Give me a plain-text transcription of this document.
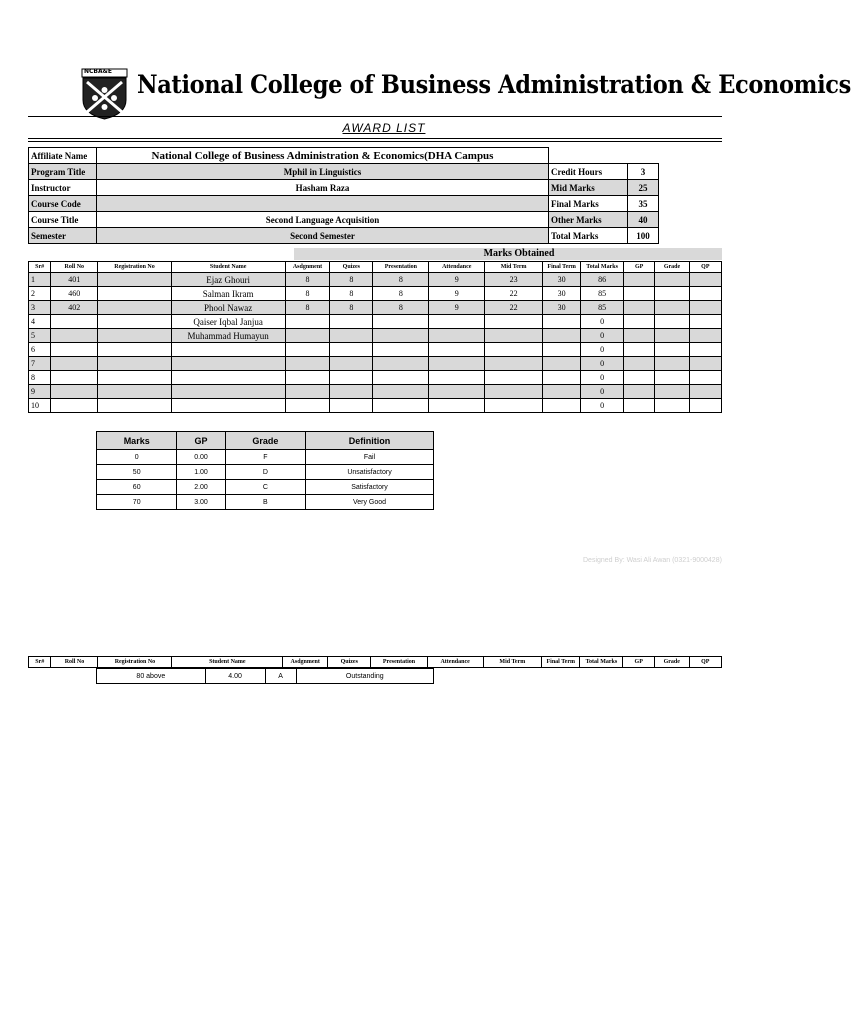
NCBA&E National College of Business Administration & Economics
AWARD LIST
Affiliate Name	National College of Business Administration & Economics(DHA Campus
Program Title	Mphil in Linguistics
Instructor	Hasham Raza
Course Code	
Course Title	Second Language Acquisition
Semester	Second Semester
Credit Hours	3
Mid Marks	25
Final Marks	35
Other Marks	40
Total Marks	100
Marks Obtained
Sr#	Roll No	Registration No	Student Name	Asdgnment	Quizes	Presentation	Attendance	Mid Term	Final Term	Total Marks	GP	Grade	QP
1	401		Ejaz Ghouri	8	8	8	9	23	30	86			
2	460		Salman Ikram	8	8	8	9	22	30	85			
3	402		Phool Nawaz	8	8	8	9	22	30	85			
4			Qaiser Iqbal Janjua							0			
5			Muhammad Humayun							0			
6										0			
7										0			
8										0			
9										0			
10										0			
Marks	GP	Grade	Definition
0	0.00	F	Fail
50	1.00	D	Unsatisfactory
60	2.00	C	Satisfactory
70	3.00	B	Very Good
Designed By: Wasi Ali Awan (0321-9000428)
Sr#	Roll No	Registration No	Student Name	Asdgnment	Quizes	Presentation	Attendance	Mid Term	Final Term	Total Marks	GP	Grade	QP
80 above	4.00	A	Outstanding
